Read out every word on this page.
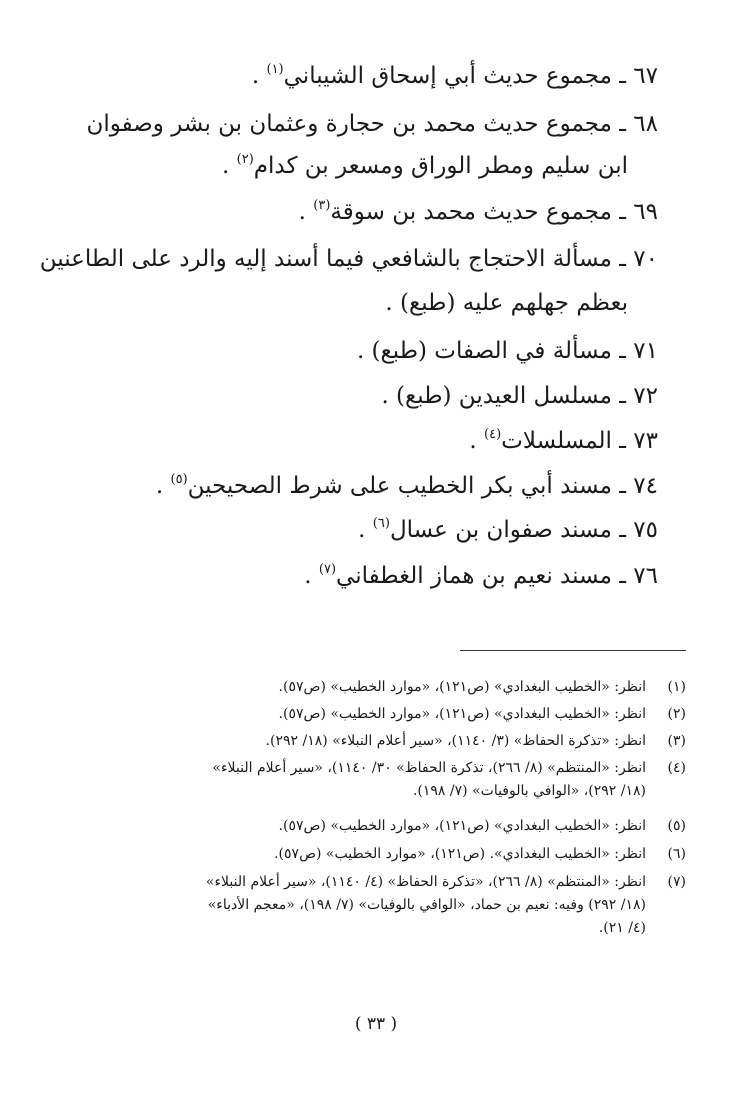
٦٧ ـ مجموع حديث أبي إسحاق الشيباني$^{(١)}$ .
٦٨ ـ مجموع حديث محمد بن حجارة وعثمان بن بشر وصفوان
ابن سليم ومطر الوراق ومسعر بن كدام$^{(٢)}$ .
٦٩ ـ مجموع حديث محمد بن سوقة$^{(٣)}$ .
٧٠ ـ مسألة الاحتجاج بالشافعي فيما أسند إليه والرد على الطاعنين
بعظم جهلهم عليه (طبع) .
٧١ ـ مسألة في الصفات (طبع) .
٧٢ ـ مسلسل العيدين (طبع) .
٧٣ ـ المسلسلات$^{(٤)}$ .
٧٤ ـ مسند أبي بكر الخطيب على شرط الصحيحين$^{(٥)}$ .
٧٥ ـ مسند صفوان بن عسال$^{(٦)}$ .
٧٦ ـ مسند نعيم بن هماز الغطفاني$^{(٧)}$ .
(١)انظر: «الخطيب البغدادي» (ص١٢١)، «موارد الخطيب» (ص٥٧).
(٢)انظر: «الخطيب البغدادي» (ص١٢١)، «موارد الخطيب» (ص٥٧).
(٣)انظر: «تذكرة الحفاظ» (٣/ ١١٤٠)، «سير أعلام النبلاء» (١٨/ ٢٩٢).
(٤)انظر: «المنتظم» (٨/ ٢٦٦)، تذكرة الحفاظ» ٣٠/ ١١٤٠)، «سير أعلام النبلاء»
(١٨/ ٢٩٢)، «الوافي بالوفيات» (٧/ ١٩٨).
(٥)انظر: «الخطيب البغدادي» (ص١٢١)، «موارد الخطيب» (ص٥٧).
(٦)انظر: «الخطيب البغدادي». (ص١٢١)، «موارد الخطيب» (ص٥٧).
(٧)انظر: «المنتظم» (٨/ ٢٦٦)، «تذكرة الحفاظ» (٤/ ١١٤٠)، «سير أعلام النبلاء»
(١٨/ ٢٩٢) وفيه: نعيم بن حماد، «الوافي بالوفيات» (٧/ ١٩٨)، «معجم الأدباء»
(٤/ ٢١).
( ٣٣ )
